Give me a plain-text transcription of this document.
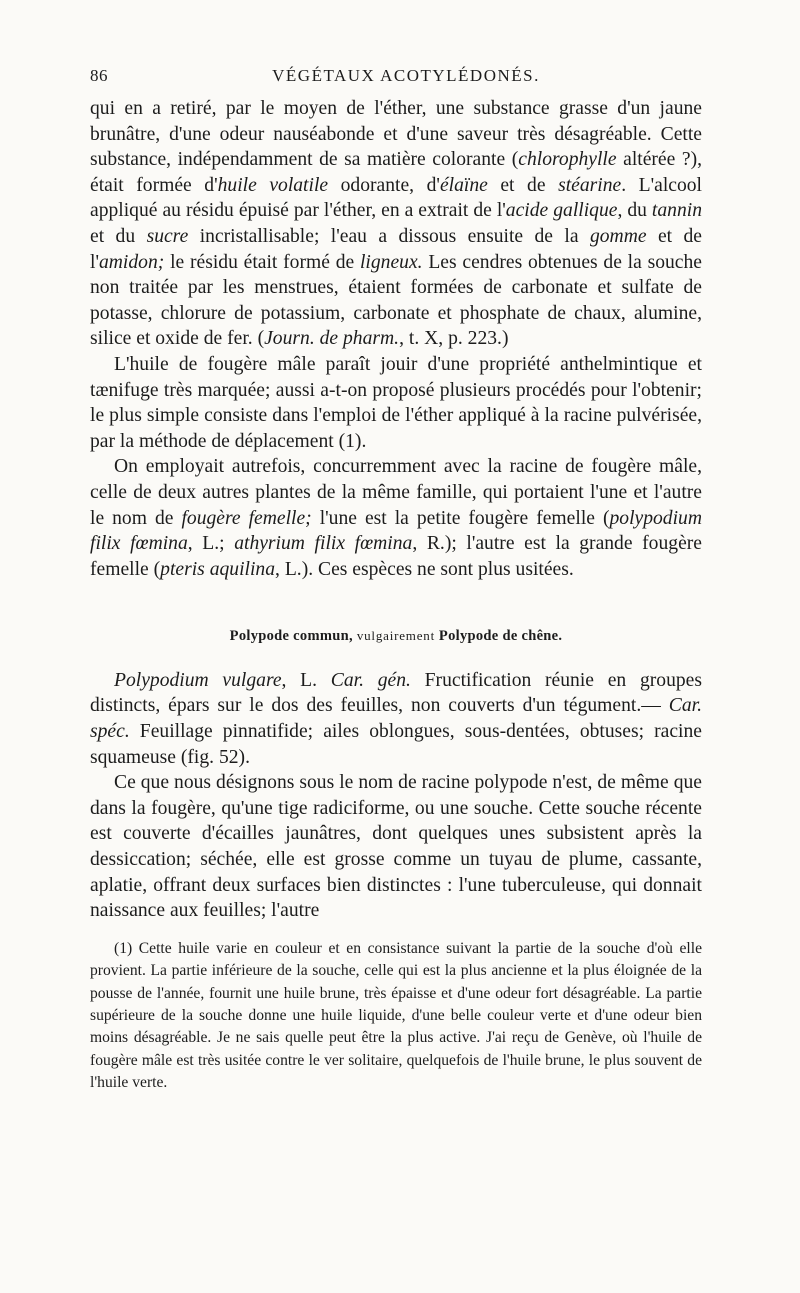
86	VÉGÉTAUX ACOTYLÉDONÉS.

qui en a retiré, par le moyen de l'éther, une substance grasse d'un jaune brunâtre, d'une odeur nauséabonde et d'une saveur très désagréable. Cette substance, indépendamment de sa matière colorante (chlorophylle altérée ?), était formée d'huile volatile odorante, d'élaïne et de stéarine. L'alcool appliqué au résidu épuisé par l'éther, en a extrait de l'acide gallique, du tannin et du sucre incristallisable; l'eau a dissous ensuite de la gomme et de l'amidon; le résidu était formé de ligneux. Les cendres obtenues de la souche non traitée par les menstrues, étaient formées de carbonate et sulfate de potasse, chlorure de potassium, carbonate et phosphate de chaux, alumine, silice et oxide de fer. (Journ. de pharm., t. X, p. 223.)

L'huile de fougère mâle paraît jouir d'une propriété anthelmintique et tænifuge très marquée; aussi a-t-on proposé plusieurs procédés pour l'obtenir; le plus simple consiste dans l'emploi de l'éther appliqué à la racine pulvérisée, par la méthode de déplacement (1).

On employait autrefois, concurremment avec la racine de fougère mâle, celle de deux autres plantes de la même famille, qui portaient l'une et l'autre le nom de fougère femelle; l'une est la petite fougère femelle (polypodium filix fœmina, L.; athyrium filix fœmina, R.); l'autre est la grande fougère femelle (pteris aquilina, L.). Ces espèces ne sont plus usitées.

Polypode commun, vulgairement Polypode de chêne.

Polypodium vulgare, L. Car. gén. Fructification réunie en groupes distincts, épars sur le dos des feuilles, non couverts d'un tégument.— Car. spéc. Feuillage pinnatifide; ailes oblongues, sous-dentées, obtuses; racine squameuse (fig. 52).

Ce que nous désignons sous le nom de racine polypode n'est, de même que dans la fougère, qu'une tige radiciforme, ou une souche. Cette souche récente est couverte d'écailles jaunâtres, dont quelques unes subsistent après la dessiccation; séchée, elle est grosse comme un tuyau de plume, cassante, aplatie, offrant deux surfaces bien distinctes : l'une tuberculeuse, qui donnait naissance aux feuilles; l'autre

(1) Cette huile varie en couleur et en consistance suivant la partie de la souche d'où elle provient. La partie inférieure de la souche, celle qui est la plus ancienne et la plus éloignée de la pousse de l'année, fournit une huile brune, très épaisse et d'une odeur fort désagréable. La partie supérieure de la souche donne une huile liquide, d'une belle couleur verte et d'une odeur bien moins désagréable. Je ne sais quelle peut être la plus active. J'ai reçu de Genève, où l'huile de fougère mâle est très usitée contre le ver solitaire, quelquefois de l'huile brune, le plus souvent de l'huile verte.
